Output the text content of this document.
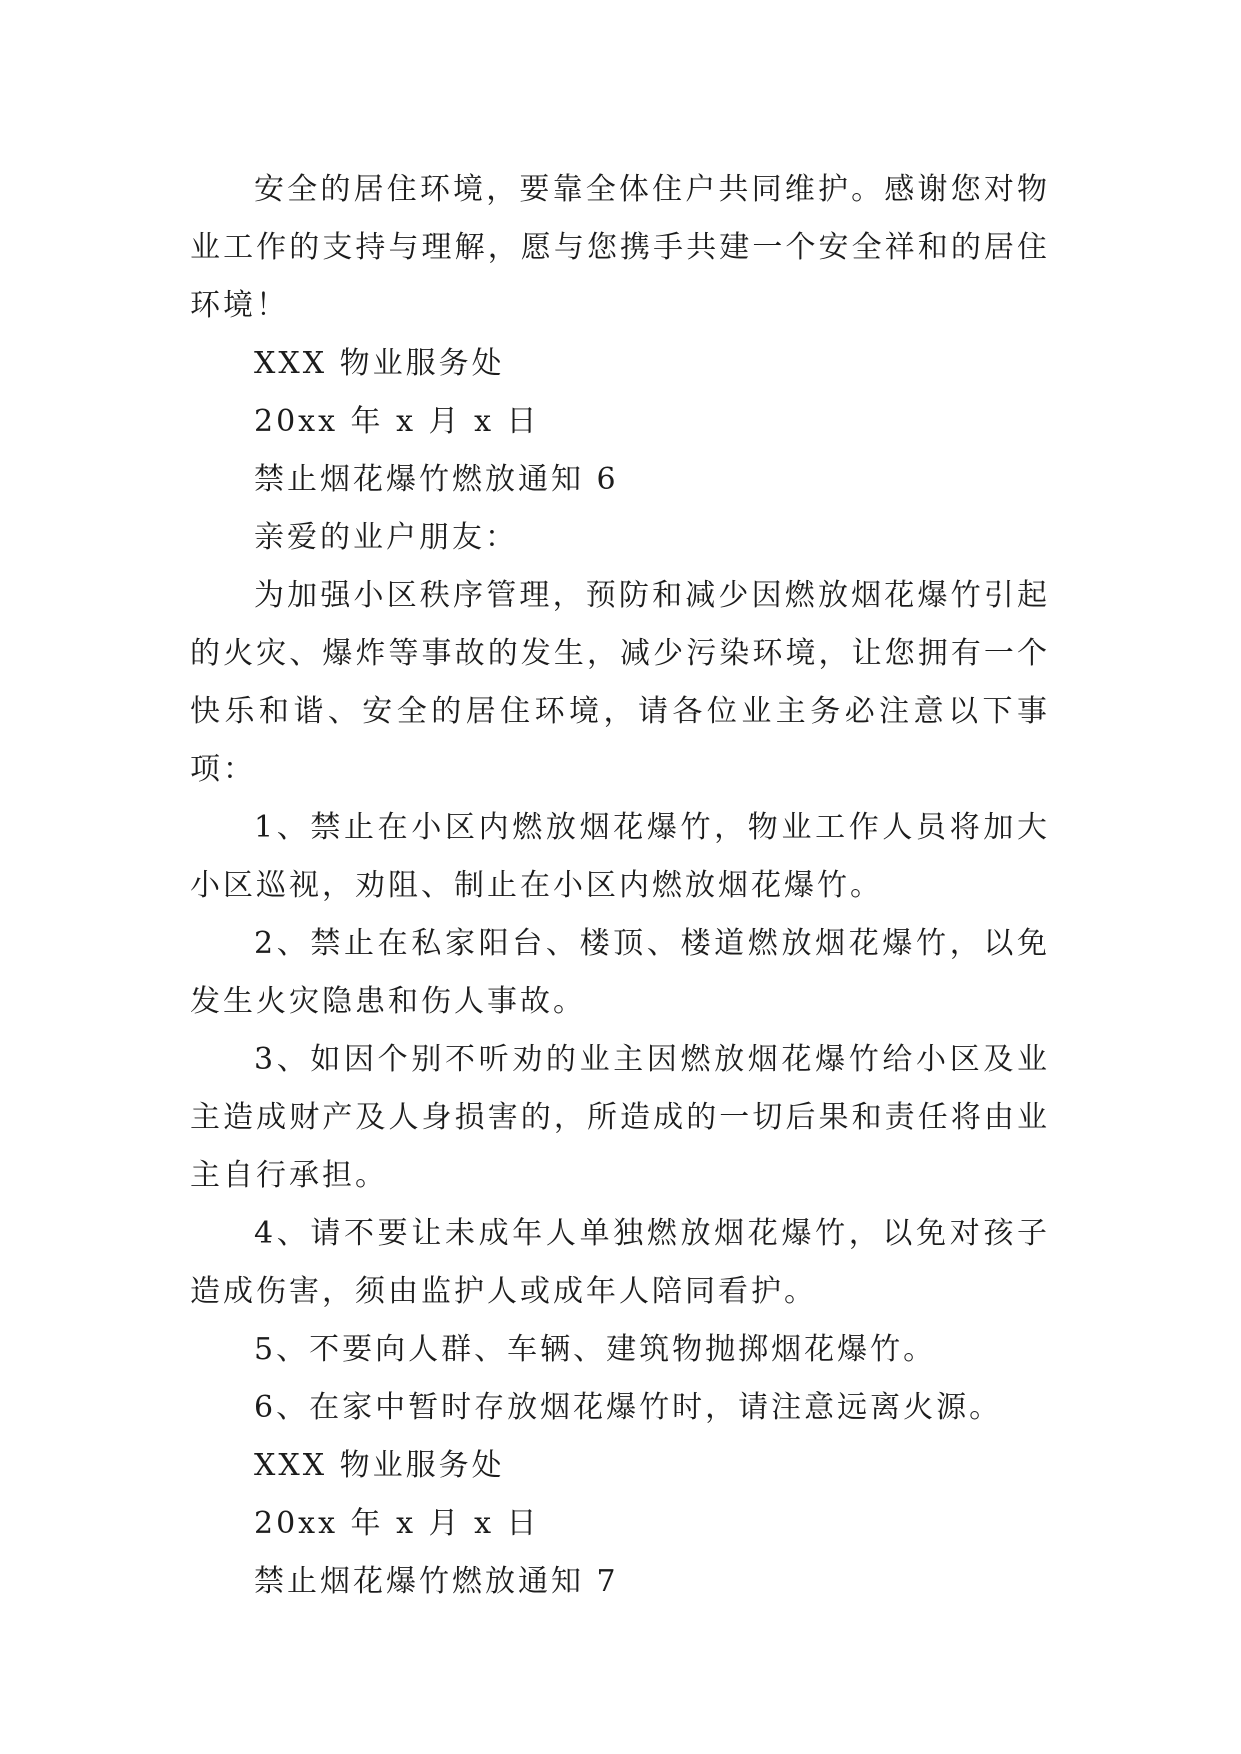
安全的居住环境，要靠全体住户共同维护。感谢您对物业工作的支持与理解，愿与您携手共建一个安全祥和的居住环境！

XXX 物业服务处

20xx 年 x 月 x 日

禁止烟花爆竹燃放通知 6

亲爱的业户朋友：

为加强小区秩序管理，预防和减少因燃放烟花爆竹引起的火灾、爆炸等事故的发生，减少污染环境，让您拥有一个快乐和谐、安全的居住环境，请各位业主务必注意以下事项：

1、禁止在小区内燃放烟花爆竹，物业工作人员将加大小区巡视，劝阻、制止在小区内燃放烟花爆竹。

2、禁止在私家阳台、楼顶、楼道燃放烟花爆竹，以免发生火灾隐患和伤人事故。

3、如因个别不听劝的业主因燃放烟花爆竹给小区及业主造成财产及人身损害的，所造成的一切后果和责任将由业主自行承担。

4、请不要让未成年人单独燃放烟花爆竹，以免对孩子造成伤害，须由监护人或成年人陪同看护。

5、不要向人群、车辆、建筑物抛掷烟花爆竹。

6、在家中暂时存放烟花爆竹时，请注意远离火源。

XXX 物业服务处

20xx 年 x 月 x 日

禁止烟花爆竹燃放通知 7
